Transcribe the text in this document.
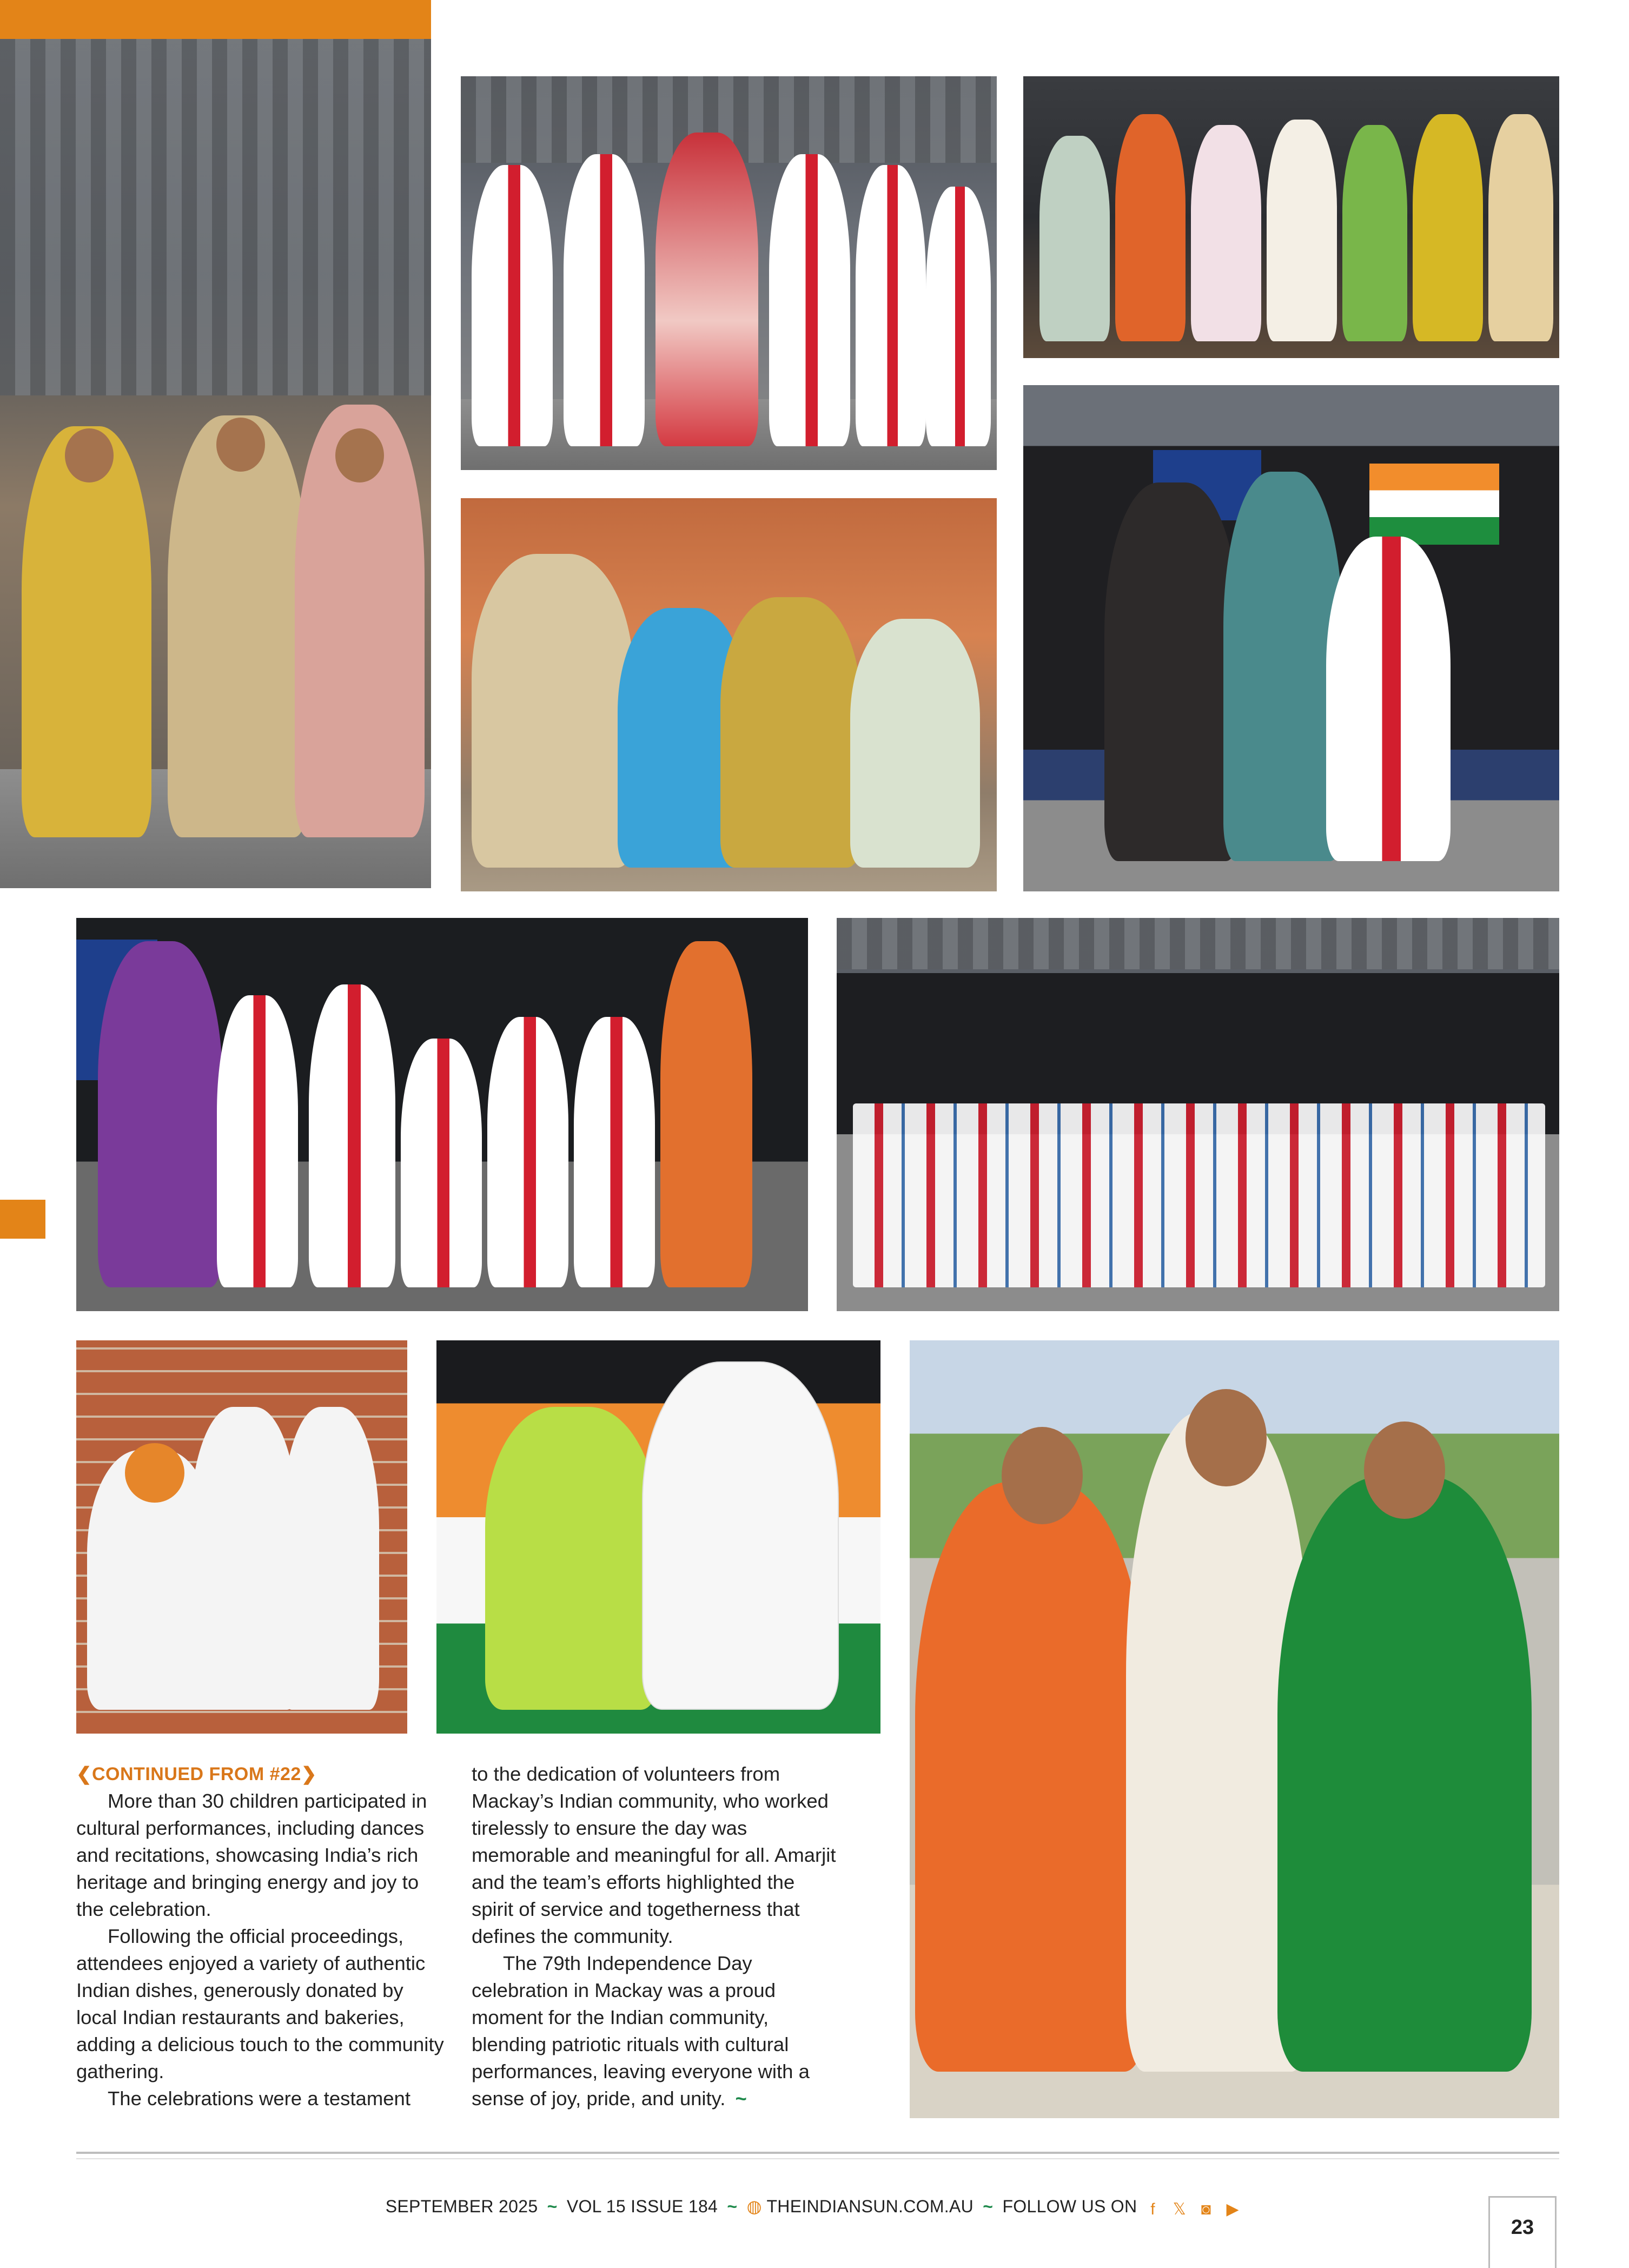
❮CONTINUED FROM #22❯

More than 30 children participated in cultural performances, including dances and recitations, showcasing India’s rich heritage and bringing energy and joy to the celebration.

Following the official proceedings, attendees enjoyed a variety of authentic Indian dishes, generously donated by local Indian restaurants and bakeries, adding a delicious touch to the community gathering.

The celebrations were a testament

to the dedication of volunteers from Mackay’s Indian community, who worked tirelessly to ensure the day was memorable and meaningful for all. Amarjit and the team’s efforts highlighted the spirit of service and togetherness that defines the community.

The 79th Independence Day celebration in Mackay was a proud moment for the Indian community, blending patriotic rituals with cultural performances, leaving everyone with a sense of joy, pride, and unity. ~

SEPTEMBER 2025 ~ VOL 15 ISSUE 184 ~ ◍ THEINDIANSUN.COM.AU ~ FOLLOW US ON f 𝕏 ◙ ▶
23
